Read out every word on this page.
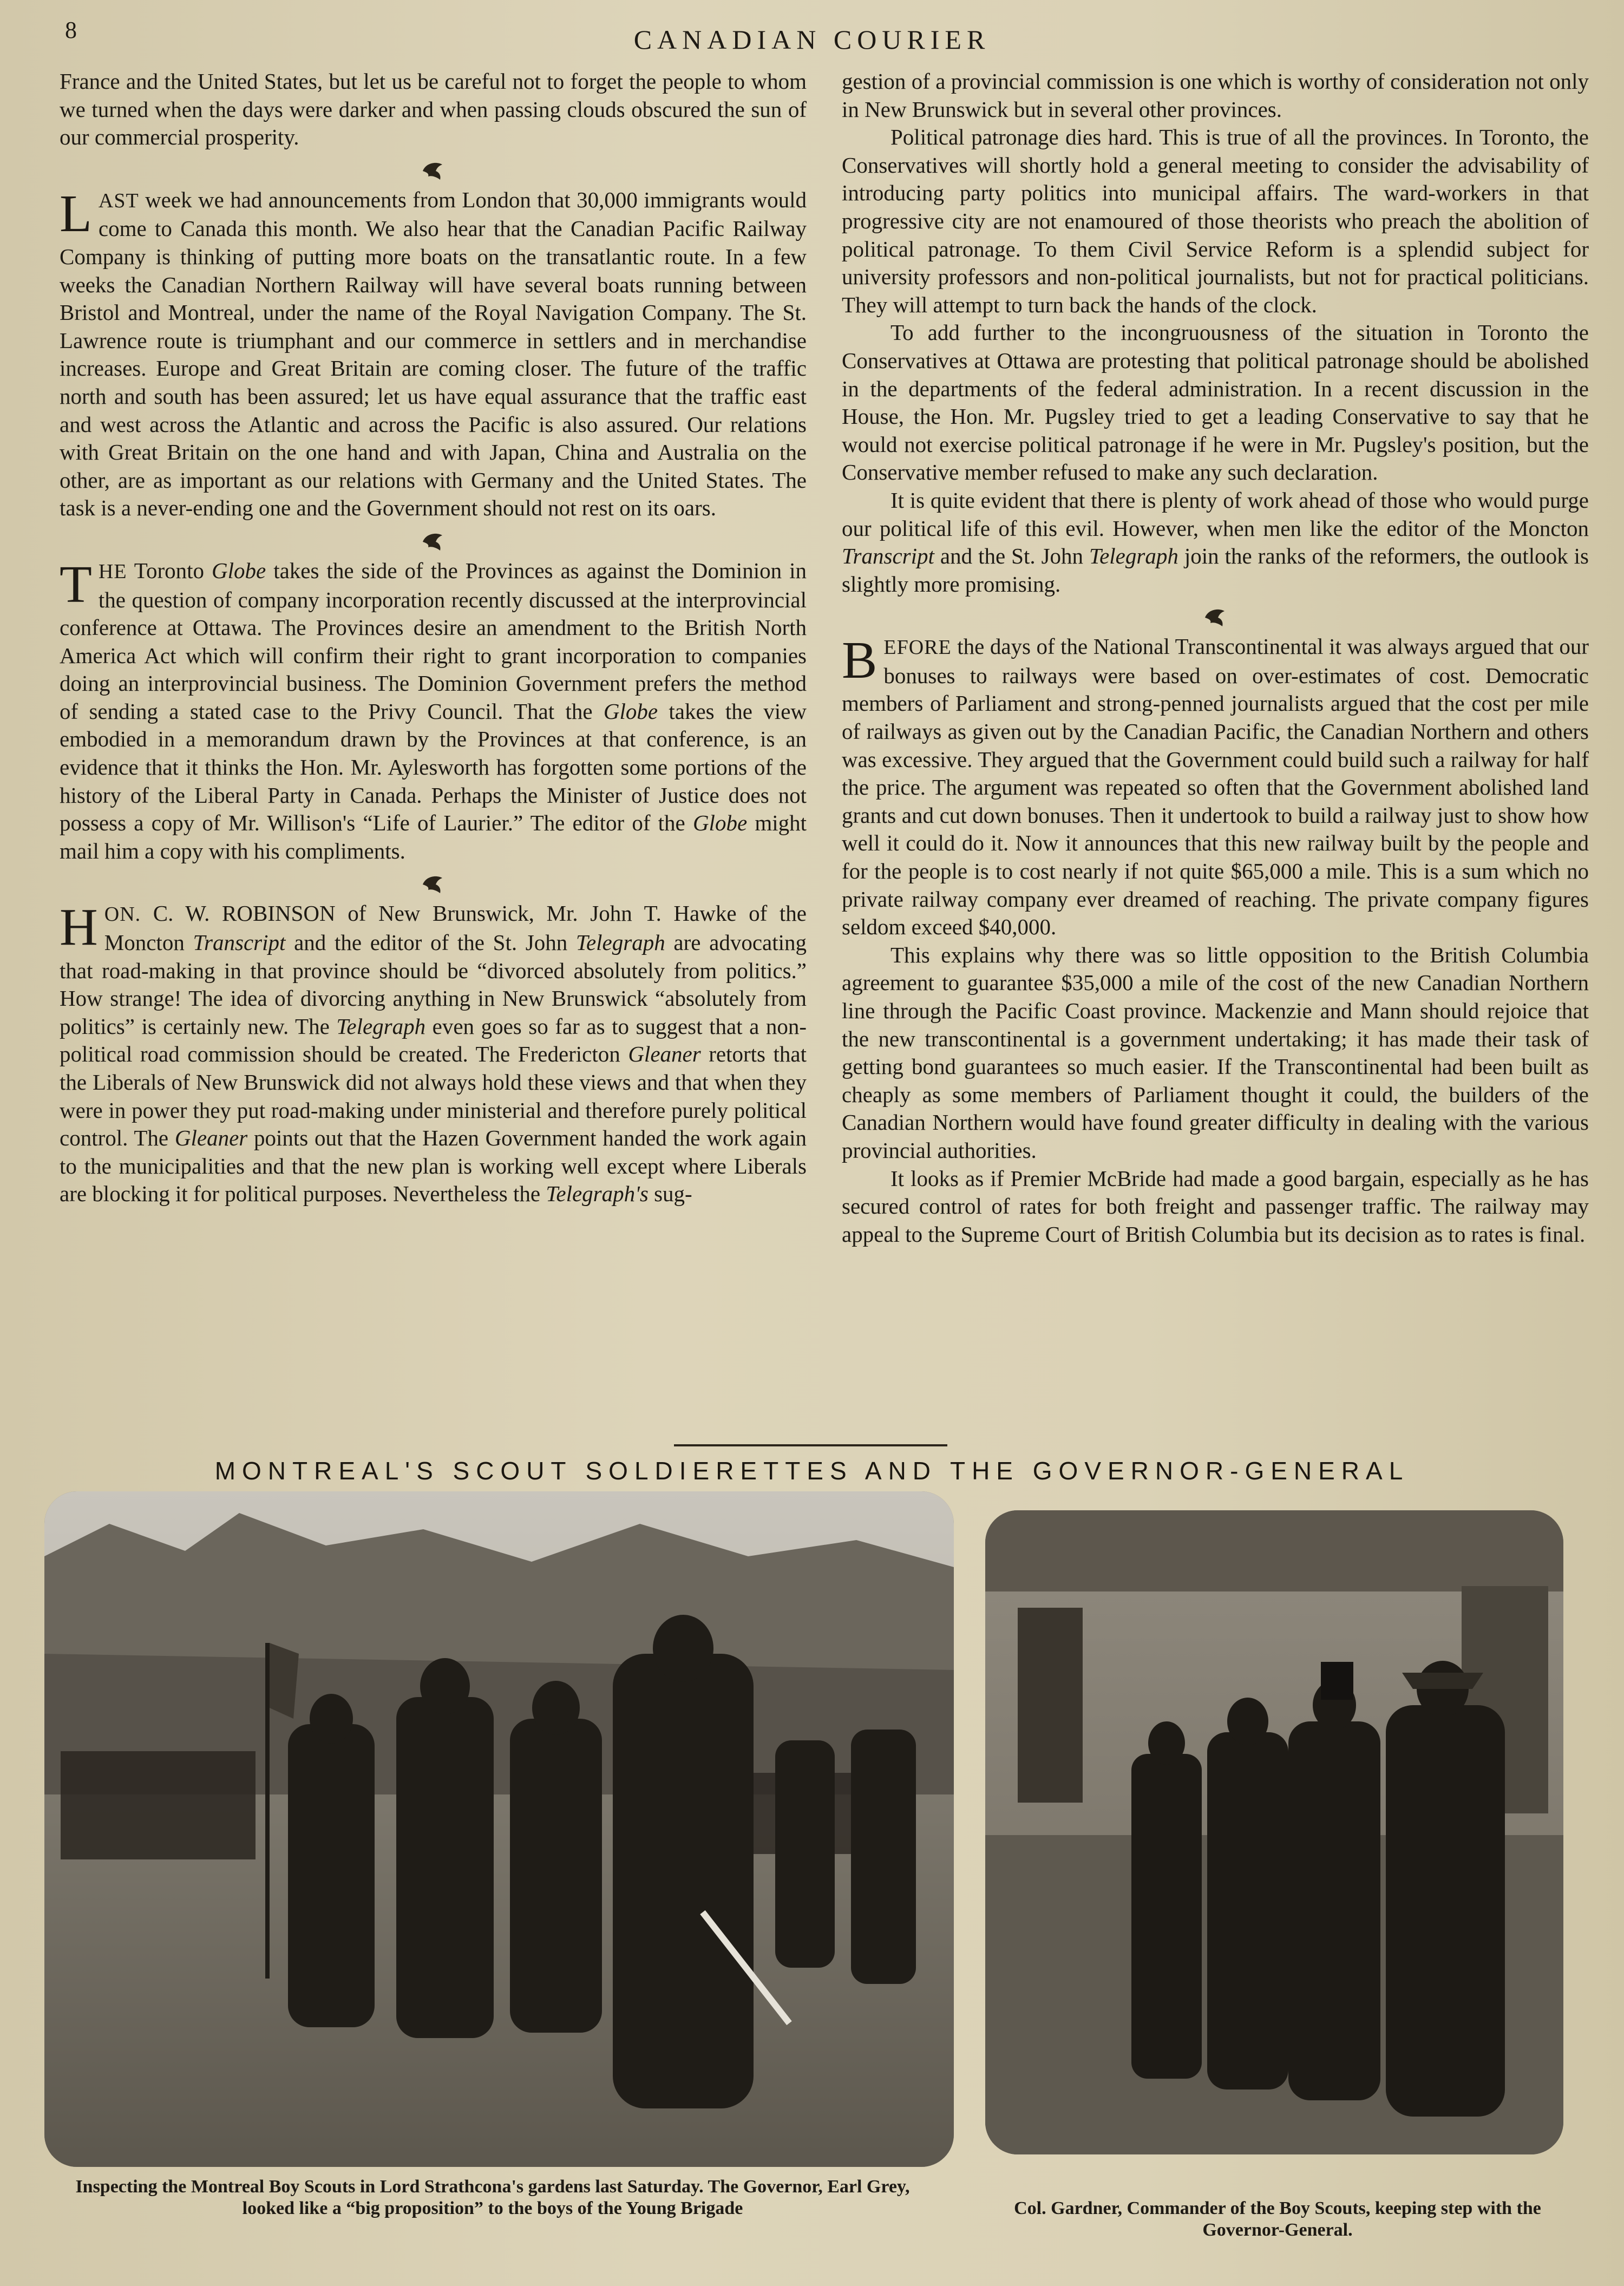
8	CANADIAN COURIER

France and the United States, but let us be careful not to forget the people to whom we turned when the days were darker and when passing clouds obscured the sun of our commercial prosperity.

LAST week we had announcements from London that 30,000 immigrants would come to Canada this month. We also hear that the Canadian Pacific Railway Company is thinking of putting more boats on the transatlantic route. In a few weeks the Canadian Northern Railway will have several boats running between Bristol and Montreal, under the name of the Royal Navigation Company. The St. Lawrence route is triumphant and our commerce in settlers and in merchandise increases. Europe and Great Britain are coming closer. The future of the traffic north and south has been assured; let us have equal assurance that the traffic east and west across the Atlantic and across the Pacific is also assured. Our relations with Great Britain on the one hand and with Japan, China and Australia on the other, are as important as our relations with Germany and the United States. The task is a never-ending one and the Government should not rest on its oars.

THE Toronto Globe takes the side of the Provinces as against the Dominion in the question of company incorporation recently discussed at the interprovincial conference at Ottawa. The Provinces desire an amendment to the British North America Act which will confirm their right to grant incorporation to companies doing an interprovincial business. The Dominion Government prefers the method of sending a stated case to the Privy Council. That the Globe takes the view embodied in a memorandum drawn by the Provinces at that conference, is an evidence that it thinks the Hon. Mr. Aylesworth has forgotten some portions of the history of the Liberal Party in Canada. Perhaps the Minister of Justice does not possess a copy of Mr. Willison's “Life of Laurier.” The editor of the Globe might mail him a copy with his compliments.

HON. C. W. ROBINSON of New Brunswick, Mr. John T. Hawke of the Moncton Transcript and the editor of the St. John Telegraph are advocating that road-making in that province should be “divorced absolutely from politics.” How strange! The idea of divorcing anything in New Brunswick “absolutely from politics” is certainly new. The Telegraph even goes so far as to suggest that a non-political road commission should be created. The Fredericton Gleaner retorts that the Liberals of New Brunswick did not always hold these views and that when they were in power they put road-making under ministerial and therefore purely political control. The Gleaner points out that the Hazen Government handed the work again to the municipalities and that the new plan is working well except where Liberals are blocking it for political purposes. Nevertheless the Telegraph's sug-

gestion of a provincial commission is one which is worthy of consideration not only in New Brunswick but in several other provinces.

Political patronage dies hard. This is true of all the provinces. In Toronto, the Conservatives will shortly hold a general meeting to consider the advisability of introducing party politics into municipal affairs. The ward-workers in that progressive city are not enamoured of those theorists who preach the abolition of political patronage. To them Civil Service Reform is a splendid subject for university professors and non-political journalists, but not for practical politicians. They will attempt to turn back the hands of the clock.

To add further to the incongruousness of the situation in Toronto the Conservatives at Ottawa are protesting that political patronage should be abolished in the departments of the federal administration. In a recent discussion in the House, the Hon. Mr. Pugsley tried to get a leading Conservative to say that he would not exercise political patronage if he were in Mr. Pugsley's position, but the Conservative member refused to make any such declaration.

It is quite evident that there is plenty of work ahead of those who would purge our political life of this evil. However, when men like the editor of the Moncton Transcript and the St. John Telegraph join the ranks of the reformers, the outlook is slightly more promising.

BEFORE the days of the National Transcontinental it was always argued that our bonuses to railways were based on over-estimates of cost. Democratic members of Parliament and strong-penned journalists argued that the cost per mile of railways as given out by the Canadian Pacific, the Canadian Northern and others was excessive. They argued that the Government could build such a railway for half the price. The argument was repeated so often that the Government abolished land grants and cut down bonuses. Then it undertook to build a railway just to show how well it could do it. Now it announces that this new railway built by the people and for the people is to cost nearly if not quite $65,000 a mile. This is a sum which no private railway company ever dreamed of reaching. The private company figures seldom exceed $40,000.

This explains why there was so little opposition to the British Columbia agreement to guarantee $35,000 a mile of the cost of the new Canadian Northern line through the Pacific Coast province. Mackenzie and Mann should rejoice that the new transcontinental is a government undertaking; it has made their task of getting bond guarantees so much easier. If the Transcontinental had been built as cheaply as some members of Parliament thought it could, the builders of the Canadian Northern would have found greater difficulty in dealing with the various provincial authorities.

It looks as if Premier McBride had made a good bargain, especially as he has secured control of rates for both freight and passenger traffic. The railway may appeal to the Supreme Court of British Columbia but its decision as to rates is final.

MONTREAL'S SCOUT SOLDIERETTES AND THE GOVERNOR-GENERAL
Inspecting the Montreal Boy Scouts in Lord Strathcona's gardens last Saturday. The Governor, Earl Grey, looked like a “big proposition” to the boys of the Young Brigade	Col. Gardner, Commander of the Boy Scouts, keeping step with the Governor-General.
